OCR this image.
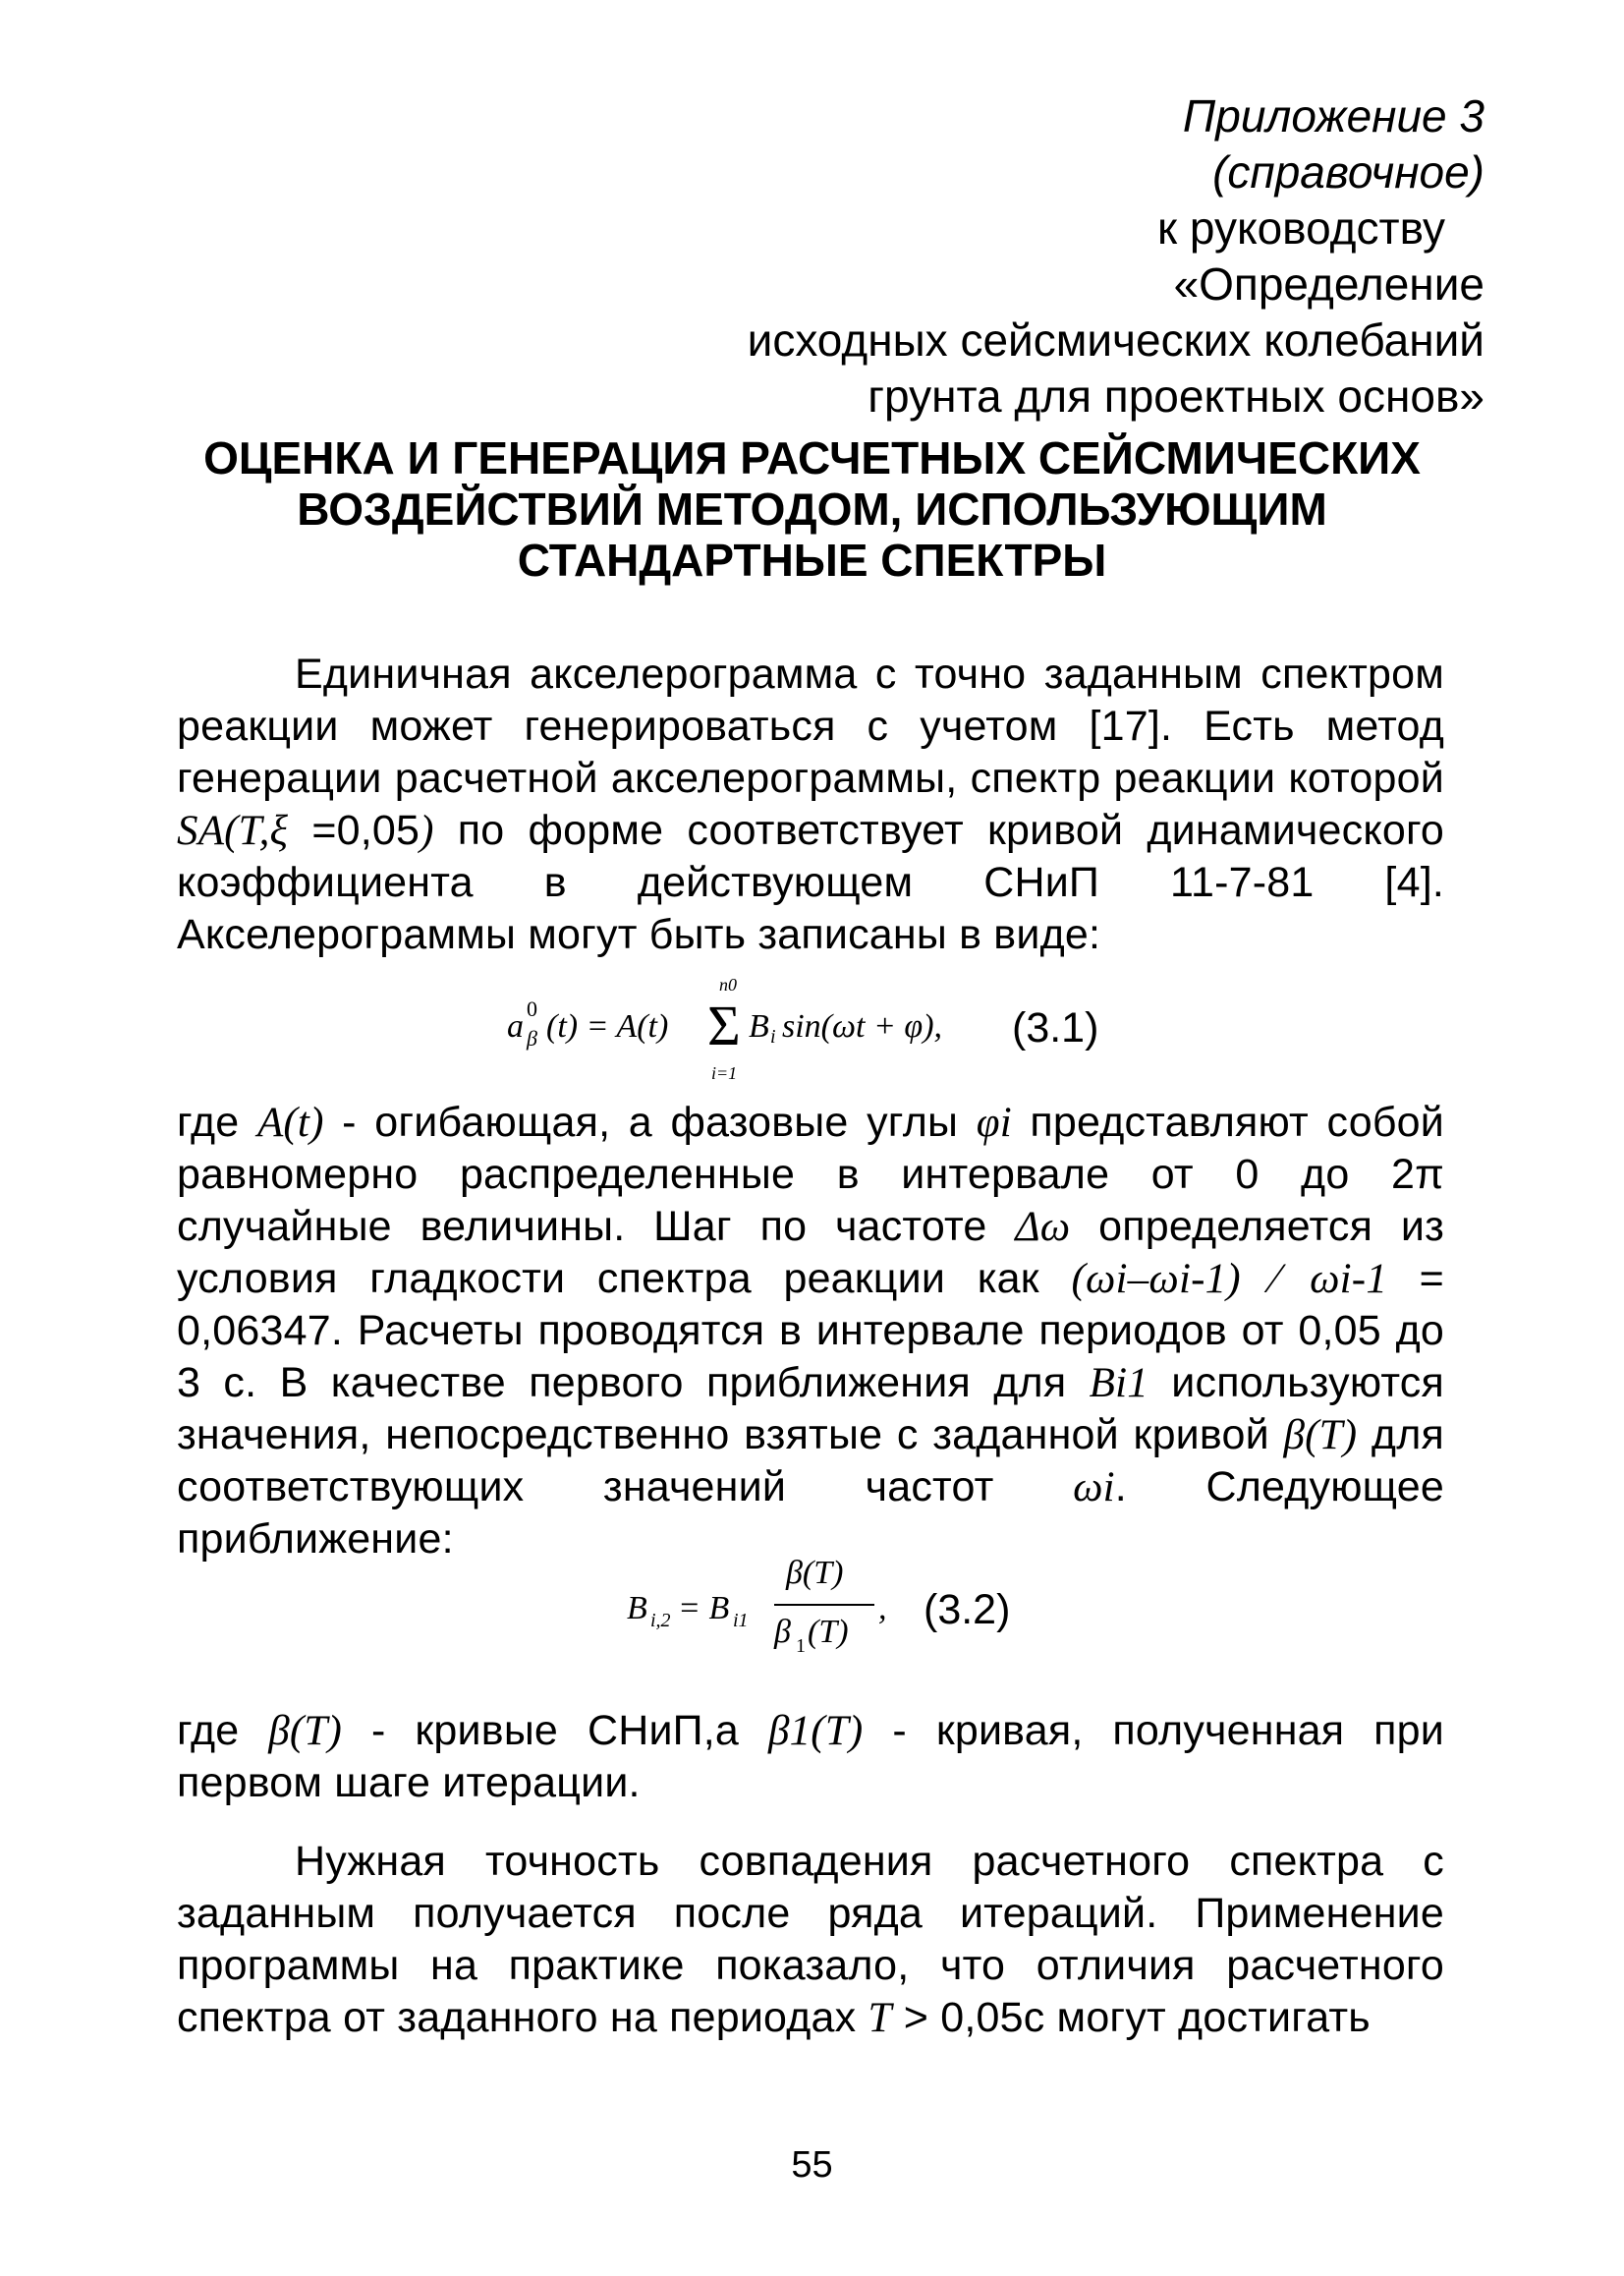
Приложение 3
(справочное)
к руководству
«Определение
исходных сейсмических колебаний
грунта для проектных основ»
ОЦЕНКА И ГЕНЕРАЦИЯ РАСЧЕТНЫХ СЕЙСМИЧЕСКИХ
ВОЗДЕЙСТВИЙ МЕТОДОМ, ИСПОЛЬЗУЮЩИМ
СТАНДАРТНЫЕ СПЕКТРЫ
Единичная акселерограмма с точно заданным спектром реакции может генерироваться с учетом [17]. Есть метод генерации расчетной акселерограммы, спектр реакции которой SA(T,ξ =0,05) по форме соответствует кривой динамического коэффициента в действующем СНиП 11-7-81 [4]. Акселерограммы могут быть записаны в виде:
a 0
β (t) = A(t) Σ
n0
i=1
B i sin(ωt + φ), (3.1)
где A(t) - огибающая, а фазовые углы φi представляют собой равномерно распределенные в интервале от 0 до 2π случайные величины. Шаг по частоте Δω определяется из условия гладкости спектра реакции как (ωi–ωi-1) ⁄ ωi-1 = 0,06347. Расчеты проводятся в интервале периодов от 0,05 до 3 с. В качестве первого приближения для Bi1 используются значения, непосредственно взятые с заданной кривой β(T) для соответствующих значений частот ωi. Следующее приближение:
B i,2 = B i1
β(T)
β 1 (T)
, (3.2)
где β(T) - кривые СНиП,а β1(T) - кривая, полученная при первом шаге итерации.
Нужная точность совпадения расчетного спектра с заданным получается после ряда итераций. Применение программы на практике показало, что отличия расчетного спектра от заданного на периодах T > 0,05с могут достигать
55
